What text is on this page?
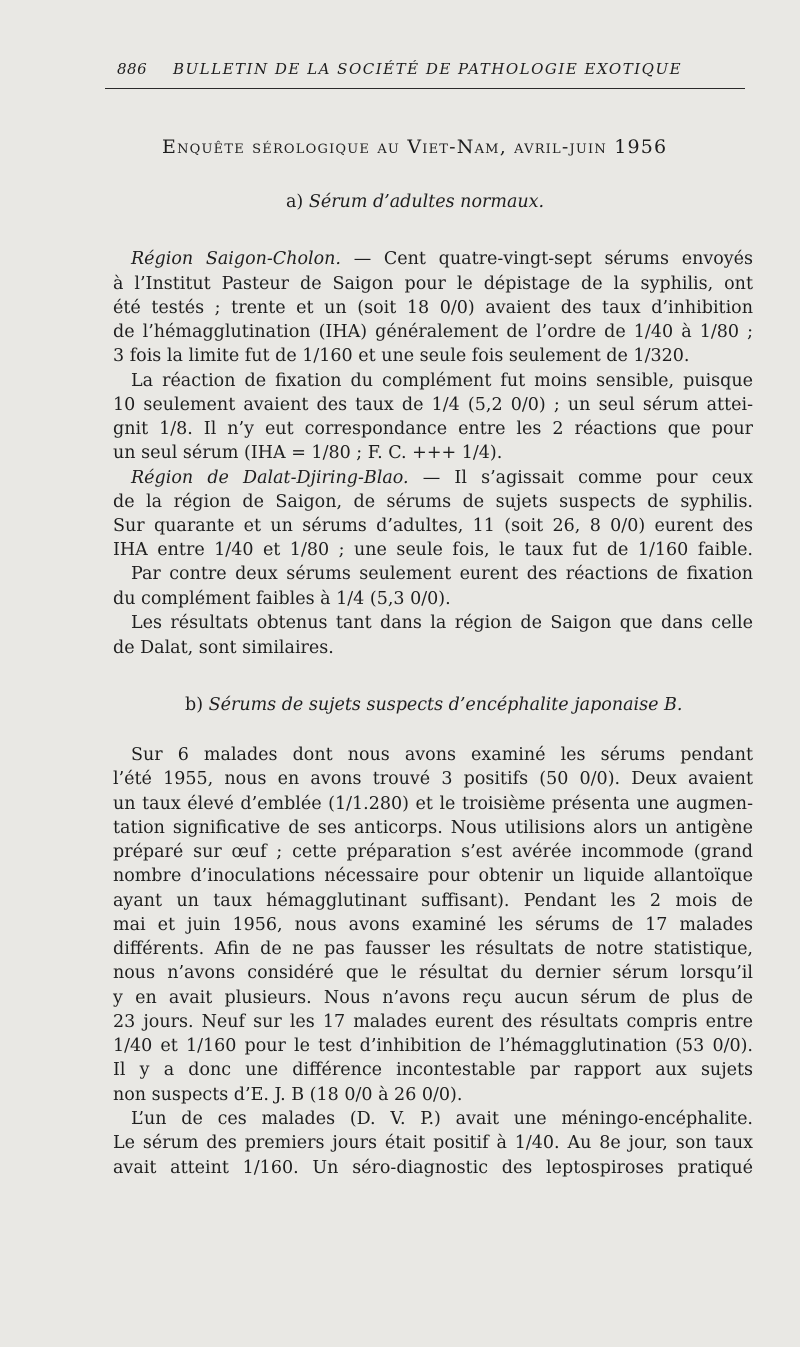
886 BULLETIN DE LA SOCIÉTÉ DE PATHOLOGIE EXOTIQUE
Enquête sérologique au Viet-Nam, avril-juin 1956
a) Sérum d’adultes normaux.
Région Saigon-Cholon. — Cent quatre-vingt-sept sérums envoyés
à l’Institut Pasteur de Saigon pour le dépistage de la syphilis, ont
été testés ; trente et un (soit 18 0/0) avaient des taux d’inhibition
de l’hémagglutination (IHA) généralement de l’ordre de 1/40 à 1/80 ;
3 fois la limite fut de 1/160 et une seule fois seulement de 1/320.
La réaction de fixation du complément fut moins sensible, puisque
10 seulement avaient des taux de 1/4 (5,2 0/0) ; un seul sérum attei-
gnit 1/8. Il n’y eut correspondance entre les 2 réactions que pour
un seul sérum (IHA = 1/80 ; F. C. +++ 1/4).
Région de Dalat-Djiring-Blao. — Il s’agissait comme pour ceux
de la région de Saigon, de sérums de sujets suspects de syphilis.
Sur quarante et un sérums d’adultes, 11 (soit 26, 8 0/0) eurent des
IHA entre 1/40 et 1/80 ; une seule fois, le taux fut de 1/160 faible.
Par contre deux sérums seulement eurent des réactions de fixation
du complément faibles à 1/4 (5,3 0/0).
Les résultats obtenus tant dans la région de Saigon que dans celle
de Dalat, sont similaires.
b) Sérums de sujets suspects d’encéphalite japonaise B.
Sur 6 malades dont nous avons examiné les sérums pendant
l’été 1955, nous en avons trouvé 3 positifs (50 0/0). Deux avaient
un taux élevé d’emblée (1/1.280) et le troisième présenta une augmen-
tation significative de ses anticorps. Nous utilisions alors un antigène
préparé sur œuf ; cette préparation s’est avérée incommode (grand
nombre d’inoculations nécessaire pour obtenir un liquide allantoïque
ayant un taux hémagglutinant suffisant). Pendant les 2 mois de
mai et juin 1956, nous avons examiné les sérums de 17 malades
différents. Afin de ne pas fausser les résultats de notre statistique,
nous n’avons considéré que le résultat du dernier sérum lorsqu’il
y en avait plusieurs. Nous n’avons reçu aucun sérum de plus de
23 jours. Neuf sur les 17 malades eurent des résultats compris entre
1/40 et 1/160 pour le test d’inhibition de l’hémagglutination (53 0/0).
Il y a donc une différence incontestable par rapport aux sujets
non suspects d’E. J. B (18 0/0 à 26 0/0).
L’un de ces malades (D. V. P.) avait une méningo-encéphalite.
Le sérum des premiers jours était positif à 1/40. Au 8e jour, son taux
avait atteint 1/160. Un séro-diagnostic des leptospiroses pratiqué
